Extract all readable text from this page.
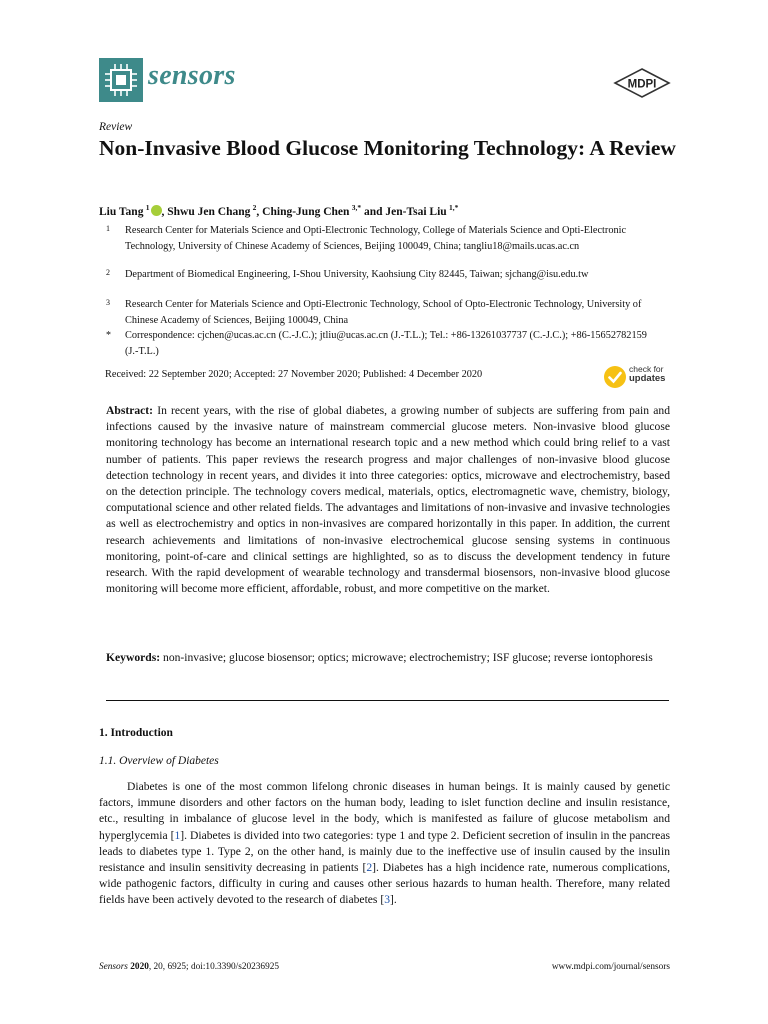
sensors	MDPI
Review
Non-Invasive Blood Glucose Monitoring Technology: A Review
Liu Tang  $^1$ , Shwu Jen Chang  $^2$, Ching-Jung Chen  $^{3,*}$ and Jen-Tsai Liu  $^{1,*}$
1 Research Center for Materials Science and Opti-Electronic Technology, College of Materials Science and Opti-Electronic Technology, University of Chinese Academy of Sciences, Beijing 100049, China; tangliu18@mails.ucas.ac.cn
2 Department of Biomedical Engineering, I-Shou University, Kaohsiung City 82445, Taiwan; sjchang@isu.edu.tw
3 Research Center for Materials Science and Opti-Electronic Technology, School of Opto-Electronic Technology, University of Chinese Academy of Sciences, Beijing 100049, China
* Correspondence: cjchen@ucas.ac.cn (C.-J.C.); jtliu@ucas.ac.cn (J.-T.L.); Tel.: +86-13261037737 (C.-J.C.); +86-15652782159 (J.-T.L.)
Received: 22 September 2020; Accepted: 27 November 2020; Published: 4 December 2020	check for
updates
Abstract: In recent years, with the rise of global diabetes, a growing number of subjects are suffering from pain and infections caused by the invasive nature of mainstream commercial glucose meters. Non-invasive blood glucose monitoring technology has become an international research topic and a new method which could bring relief to a vast number of patients. This paper reviews the research progress and major challenges of non-invasive blood glucose detection technology in recent years, and divides it into three categories: optics, microwave and electrochemistry, based on the detection principle. The technology covers medical, materials, optics, electromagnetic wave, chemistry, biology, computational science and other related fields. The advantages and limitations of non-invasive and invasive technologies as well as electrochemistry and optics in non-invasives are compared horizontally in this paper. In addition, the current research achievements and limitations of non-invasive electrochemical glucose sensing systems in continuous monitoring, point-of-care and clinical settings are highlighted, so as to discuss the development tendency in future research. With the rapid development of wearable technology and transdermal biosensors, non-invasive blood glucose monitoring will become more efficient, affordable, robust, and more competitive on the market.
Keywords: non-invasive; glucose biosensor; optics; microwave; electrochemistry; ISF glucose; reverse iontophoresis
1. Introduction
1.1. Overview of Diabetes
Diabetes is one of the most common lifelong chronic diseases in human beings. It is mainly caused by genetic factors, immune disorders and other factors on the human body, leading to islet function decline and insulin resistance, etc., resulting in imbalance of glucose level in the body, which is manifested as failure of glucose metabolism and hyperglycemia [1]. Diabetes is divided into two categories: type 1 and type 2. Deficient secretion of insulin in the pancreas leads to diabetes type 1. Type 2, on the other hand, is mainly due to the ineffective use of insulin caused by the insulin resistance and insulin sensitivity decreasing in patients [2]. Diabetes has a high incidence rate, numerous complications, wide pathogenic factors, difficulty in curing and causes other serious hazards to human health. Therefore, many related fields have been actively devoted to the research of diabetes [3].
Sensors 2020, 20, 6925; doi:10.3390/s20236925	www.mdpi.com/journal/sensors
